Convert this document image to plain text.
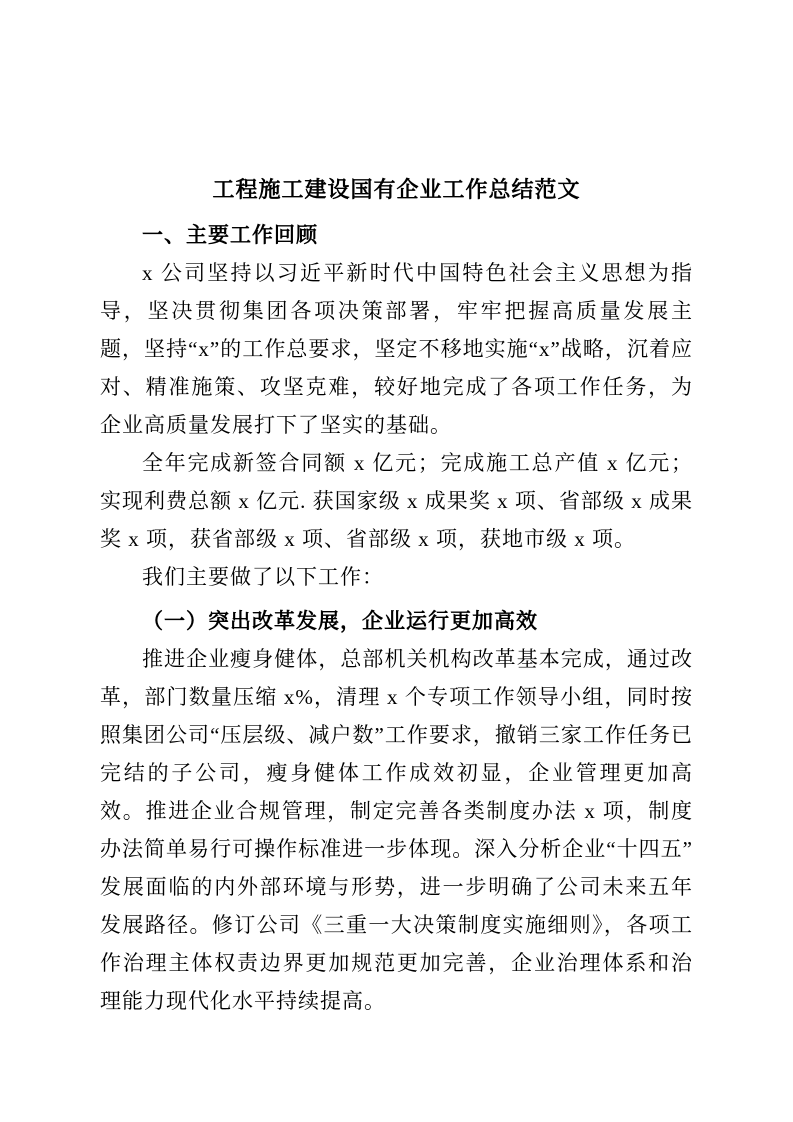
工程施工建设国有企业工作总结范文
一、主要工作回顾

x 公司坚持以习近平新时代中国特色社会主义思想为指导，坚决贯彻集团各项决策部署，牢牢把握高质量发展主题，坚持“x”的工作总要求，坚定不移地实施“x”战略，沉着应对、精准施策、攻坚克难，较好地完成了各项工作任务，为企业高质量发展打下了坚实的基础。

全年完成新签合同额 x 亿元；完成施工总产值 x 亿元；实现利费总额 x 亿元. 获国家级 x 成果奖 x 项、省部级 x 成果奖 x 项，获省部级 x 项、省部级 x 项，获地市级 x 项。

我们主要做了以下工作：

（一）突出改革发展，企业运行更加高效

推进企业瘦身健体，总部机关机构改革基本完成，通过改革，部门数量压缩 x%，清理 x 个专项工作领导小组，同时按照集团公司“压层级、减户数”工作要求，撤销三家工作任务已完结的子公司，瘦身健体工作成效初显，企业管理更加高效。推进企业合规管理，制定完善各类制度办法 x 项，制度办法简单易行可操作标准进一步体现。深入分析企业“十四五”发展面临的内外部环境与形势，进一步明确了公司未来五年发展路径。修订公司《三重一大决策制度实施细则》，各项工作治理主体权责边界更加规范更加完善，企业治理体系和治理能力现代化水平持续提高。
